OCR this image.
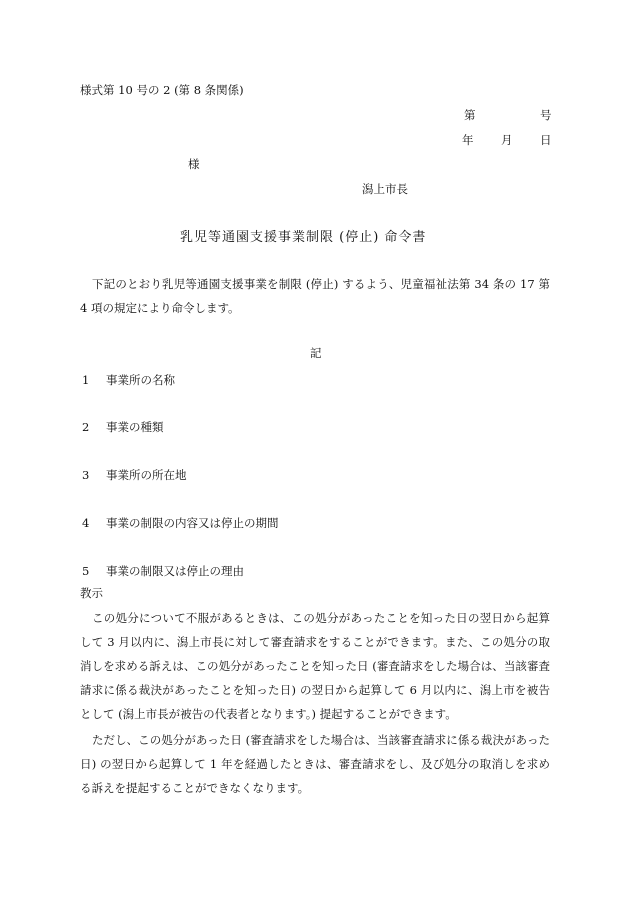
様式第 10 号の 2 (第 8 条関係)
第	号
年 月 日
様
潟上市長
乳児等通園支援事業制限 (停止) 命令書
下記のとおり乳児等通園支援事業を制限 (停止) するよう、児童福祉法第 34 条の 17 第 4 項の規定により命令します。
記
1 事業所の名称
2 事業の種類
3 事業所の所在地
4 事業の制限の内容又は停止の期間
5 事業の制限又は停止の理由
教示
この処分について不服があるときは、この処分があったことを知った日の翌日から起算して 3 月以内に、潟上市長に対して審査請求をすることができます。また、この処分の取消しを求める訴えは、この処分があったことを知った日 (審査請求をした場合は、当該審査請求に係る裁決があったことを知った日) の翌日から起算して 6 月以内に、潟上市を被告として (潟上市長が被告の代表者となります。) 提起することができます。
ただし、この処分があった日 (審査請求をした場合は、当該審査請求に係る裁決があった日) の翌日から起算して 1 年を経過したときは、審査請求をし、及び処分の取消しを求める訴えを提起することができなくなります。
